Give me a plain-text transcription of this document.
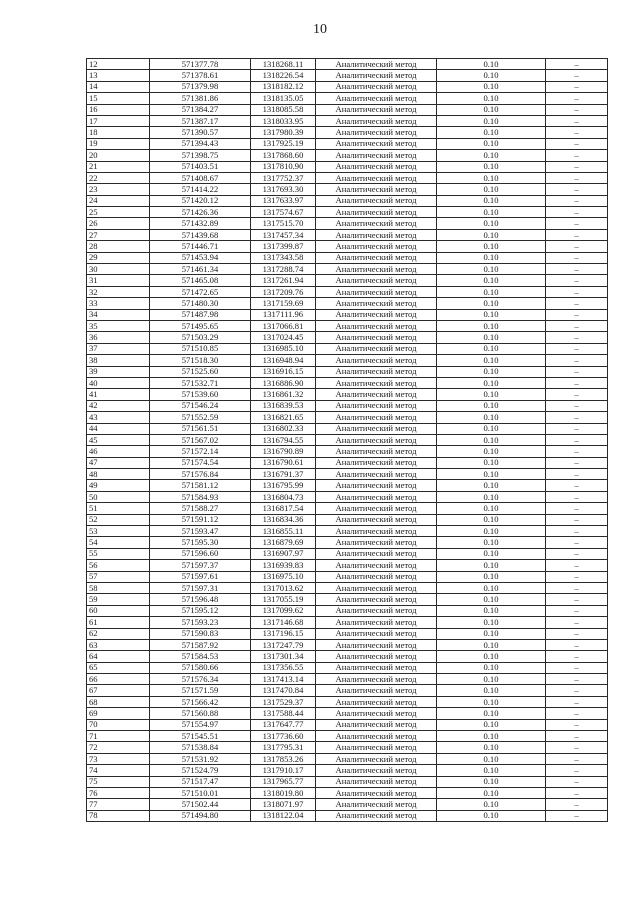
10
12	571377.78	1318268.11	Аналитический метод	0.10	–
13	571378.61	1318226.54	Аналитический метод	0.10	–
14	571379.98	1318182.12	Аналитический метод	0.10	–
15	571381.86	1318135.05	Аналитический метод	0.10	–
16	571384.27	1318085.58	Аналитический метод	0.10	–
17	571387.17	1318033.95	Аналитический метод	0.10	–
18	571390.57	1317980.39	Аналитический метод	0.10	–
19	571394.43	1317925.19	Аналитический метод	0.10	–
20	571398.75	1317868.60	Аналитический метод	0.10	–
21	571403.51	1317810.90	Аналитический метод	0.10	–
22	571408.67	1317752.37	Аналитический метод	0.10	–
23	571414.22	1317693.30	Аналитический метод	0.10	–
24	571420.12	1317633.97	Аналитический метод	0.10	–
25	571426.36	1317574.67	Аналитический метод	0.10	–
26	571432.89	1317515.70	Аналитический метод	0.10	–
27	571439.68	1317457.34	Аналитический метод	0.10	–
28	571446.71	1317399.87	Аналитический метод	0.10	–
29	571453.94	1317343.58	Аналитический метод	0.10	–
30	571461.34	1317288.74	Аналитический метод	0.10	–
31	571465.08	1317261.94	Аналитический метод	0.10	–
32	571472.65	1317209.76	Аналитический метод	0.10	–
33	571480.30	1317159.69	Аналитический метод	0.10	–
34	571487.98	1317111.96	Аналитический метод	0.10	–
35	571495.65	1317066.81	Аналитический метод	0.10	–
36	571503.29	1317024.45	Аналитический метод	0.10	–
37	571510.85	1316985.10	Аналитический метод	0.10	–
38	571518.30	1316948.94	Аналитический метод	0.10	–
39	571525.60	1316916.15	Аналитический метод	0.10	–
40	571532.71	1316886.90	Аналитический метод	0.10	–
41	571539.60	1316861.32	Аналитический метод	0.10	–
42	571546.24	1316839.53	Аналитический метод	0.10	–
43	571552.59	1316821.65	Аналитический метод	0.10	–
44	571561.51	1316802.33	Аналитический метод	0.10	–
45	571567.02	1316794.55	Аналитический метод	0.10	–
46	571572.14	1316790.89	Аналитический метод	0.10	–
47	571574.54	1316790.61	Аналитический метод	0.10	–
48	571576.84	1316791.37	Аналитический метод	0.10	–
49	571581.12	1316795.99	Аналитический метод	0.10	–
50	571584.93	1316804.73	Аналитический метод	0.10	–
51	571588.27	1316817.54	Аналитический метод	0.10	–
52	571591.12	1316834.36	Аналитический метод	0.10	–
53	571593.47	1316855.11	Аналитический метод	0.10	–
54	571595.30	1316879.69	Аналитический метод	0.10	–
55	571596.60	1316907.97	Аналитический метод	0.10	–
56	571597.37	1316939.83	Аналитический метод	0.10	–
57	571597.61	1316975.10	Аналитический метод	0.10	–
58	571597.31	1317013.62	Аналитический метод	0.10	–
59	571596.48	1317055.19	Аналитический метод	0.10	–
60	571595.12	1317099.62	Аналитический метод	0.10	–
61	571593.23	1317146.68	Аналитический метод	0.10	–
62	571590.83	1317196.15	Аналитический метод	0.10	–
63	571587.92	1317247.79	Аналитический метод	0.10	–
64	571584.53	1317301.34	Аналитический метод	0.10	–
65	571580.66	1317356.55	Аналитический метод	0.10	–
66	571576.34	1317413.14	Аналитический метод	0.10	–
67	571571.59	1317470.84	Аналитический метод	0.10	–
68	571566.42	1317529.37	Аналитический метод	0.10	–
69	571560.88	1317588.44	Аналитический метод	0.10	–
70	571554.97	1317647.77	Аналитический метод	0.10	–
71	571545.51	1317736.60	Аналитический метод	0.10	–
72	571538.84	1317795.31	Аналитический метод	0.10	–
73	571531.92	1317853.26	Аналитический метод	0.10	–
74	571524.79	1317910.17	Аналитический метод	0.10	–
75	571517.47	1317965.77	Аналитический метод	0.10	–
76	571510.01	1318019.80	Аналитический метод	0.10	–
77	571502.44	1318071.97	Аналитический метод	0.10	–
78	571494.80	1318122.04	Аналитический метод	0.10	–
